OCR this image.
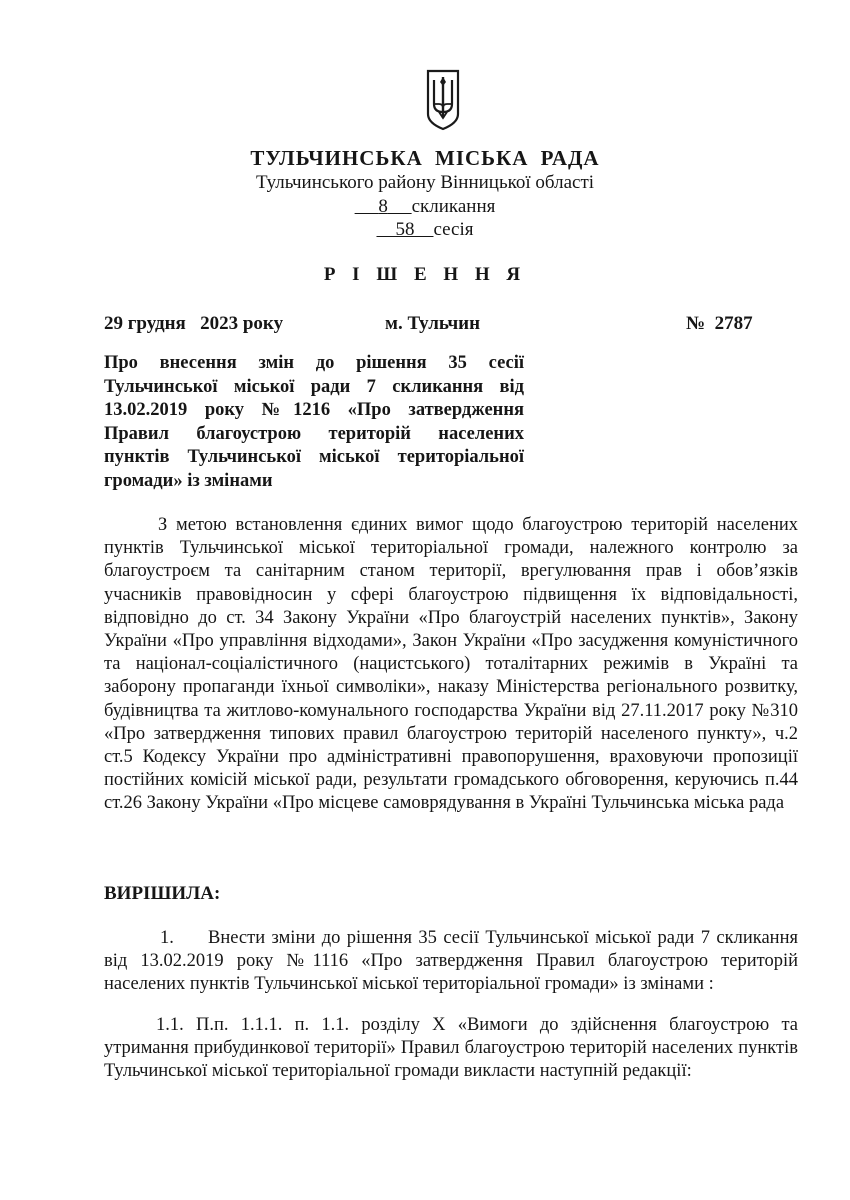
ТУЛЬЧИНСЬКА МІСЬКА РАДА
Тульчинського району Вінницької області
8 скликання
58 сесія
Р І Ш Е Н Н Я
29 грудня   2023 року	м. Тульчин	№  2787
Про внесення змін до рішення 35 сесії Тульчинської міської ради 7 скликання від 13.02.2019 року №1216 «Про затвердження Правил благоустрою територій населених пунктів Тульчинської міської територіальної громади» із змінами

З метою встановлення єдиних вимог щодо благоустрою територій населених пунктів Тульчинської міської територіальної громади, належного контролю за благоустроєм та санітарним станом території, врегулювання прав і обов’язків учасників правовідносин у сфері благоустрою підвищення їх відповідальності, відповідно до ст. 34 Закону України «Про благоустрій населених пунктів», Закону України «Про управління відходами», Закон України «Про засудження комуністичного та націонал-соціалістичного (нацистського) тоталітарних режимів в Україні та заборону пропаганди їхньої символіки», наказу Міністерства регіонального розвитку, будівництва та житлово-комунального господарства України від 27.11.2017 року №310 «Про затвердження типових правил благоустрою територій населеного пункту», ч.2 ст.5 Кодексу України про адміністративні правопорушення, враховуючи пропозиції постійних комісій міської ради, результати громадського обговорення, керуючись п.44 ст.26 Закону України «Про місцеве самоврядування в Україні Тульчинська міська рада

ВИРІШИЛА:

1. Внести зміни до рішення 35 сесії Тульчинської міської ради 7 скликання від 13.02.2019 року №1116 «Про затвердження Правил благоустрою територій населених пунктів Тульчинської міської територіальної громади» із змінами :

1.1. П.п. 1.1.1. п. 1.1. розділу Х «Вимоги до здійснення благоустрою та утримання прибудинкової території» Правил благоустрою територій населених пунктів Тульчинської міської територіальної громади викласти наступній редакції:
